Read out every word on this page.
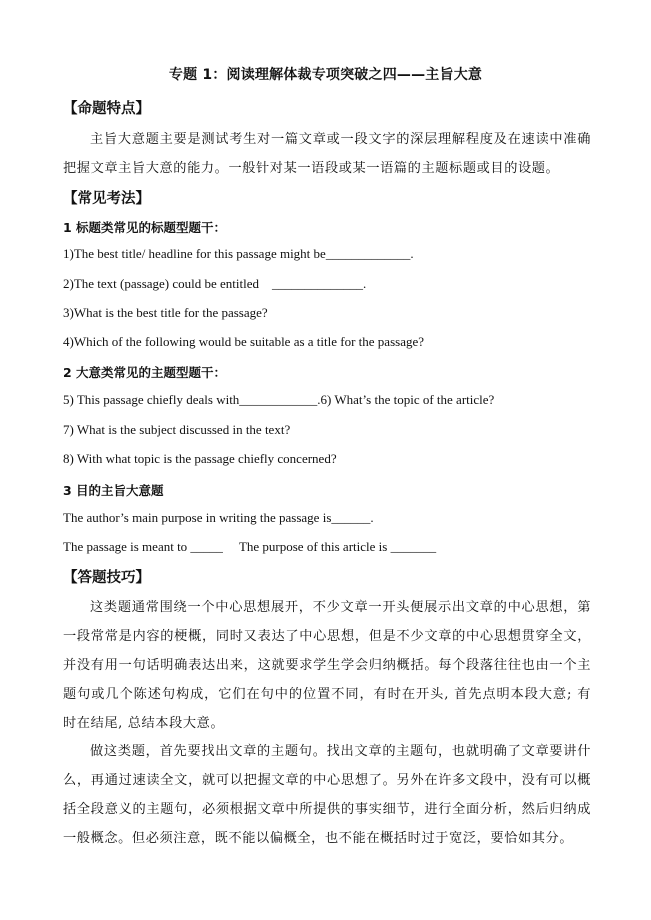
专题 1：阅读理解体裁专项突破之四——主旨大意
【命题特点】
主旨大意题主要是测试考生对一篇文章或一段文字的深层理解程度及在速读中准确把握文章主旨大意的能力。一般针对某一语段或某一语篇的主题标题或目的设题。
【常见考法】
1 标题类常见的标题型题干：
1)The best title/ headline for this passage might be_____________.
2)The text (passage) could be entitled    ______________.
3)What is the best title for the passage?
4)Which of the following would be suitable as a title for the passage?
2 大意类常见的主题型题干：
5) This passage chiefly deals with____________.6) What’s the topic of the article?
7) What is the subject discussed in the text?
8) With what topic is the passage chiefly concerned?
3 目的主旨大意题
The author’s main purpose in writing the passage is______.
The passage is meant to _____     The purpose of this article is _______
【答题技巧】
这类题通常围绕一个中心思想展开，不少文章一开头便展示出文章的中心思想，第一段常常是内容的梗概，同时又表达了中心思想，但是不少文章的中心思想贯穿全文，并没有用一句话明确表达出来，这就要求学生学会归纳概括。每个段落往往也由一个主题句或几个陈述句构成，它们在句中的位置不同，有时在开头, 首先点明本段大意; 有时在结尾, 总结本段大意。
做这类题，首先要找出文章的主题句。找出文章的主题句，也就明确了文章要讲什么，再通过速读全文，就可以把握文章的中心思想了。另外在许多文段中，没有可以概括全段意义的主题句，必须根据文章中所提供的事实细节，进行全面分析，然后归纳成一般概念。但必须注意，既不能以偏概全，也不能在概括时过于宽泛，要恰如其分。
